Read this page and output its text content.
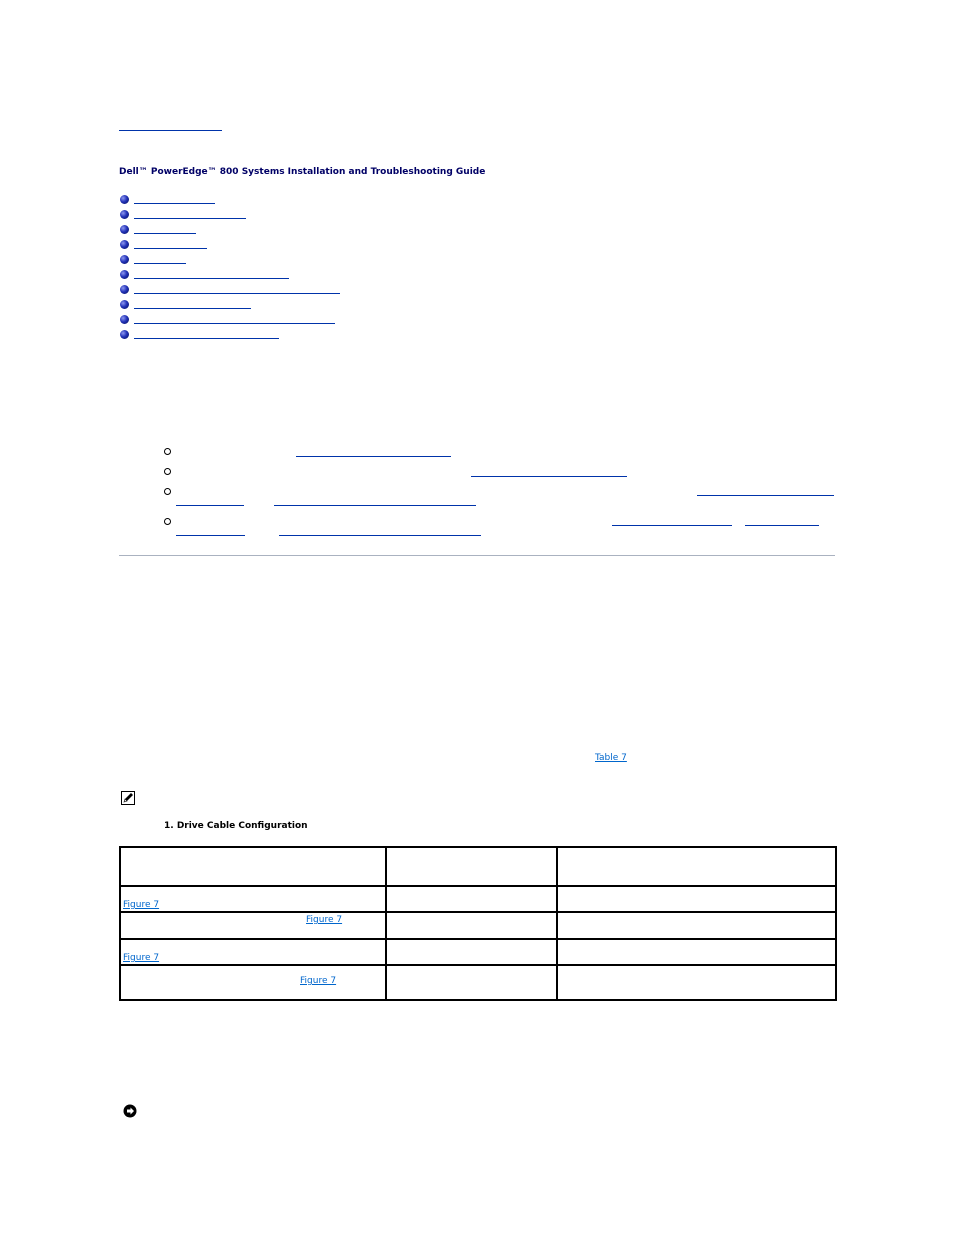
Dell™ PowerEdge™ 800 Systems Installation and Troubleshooting Guide
Table 7
1. Drive Cable Configuration

Figure 7		
Figure 7		
Figure 7		
Figure 7		
